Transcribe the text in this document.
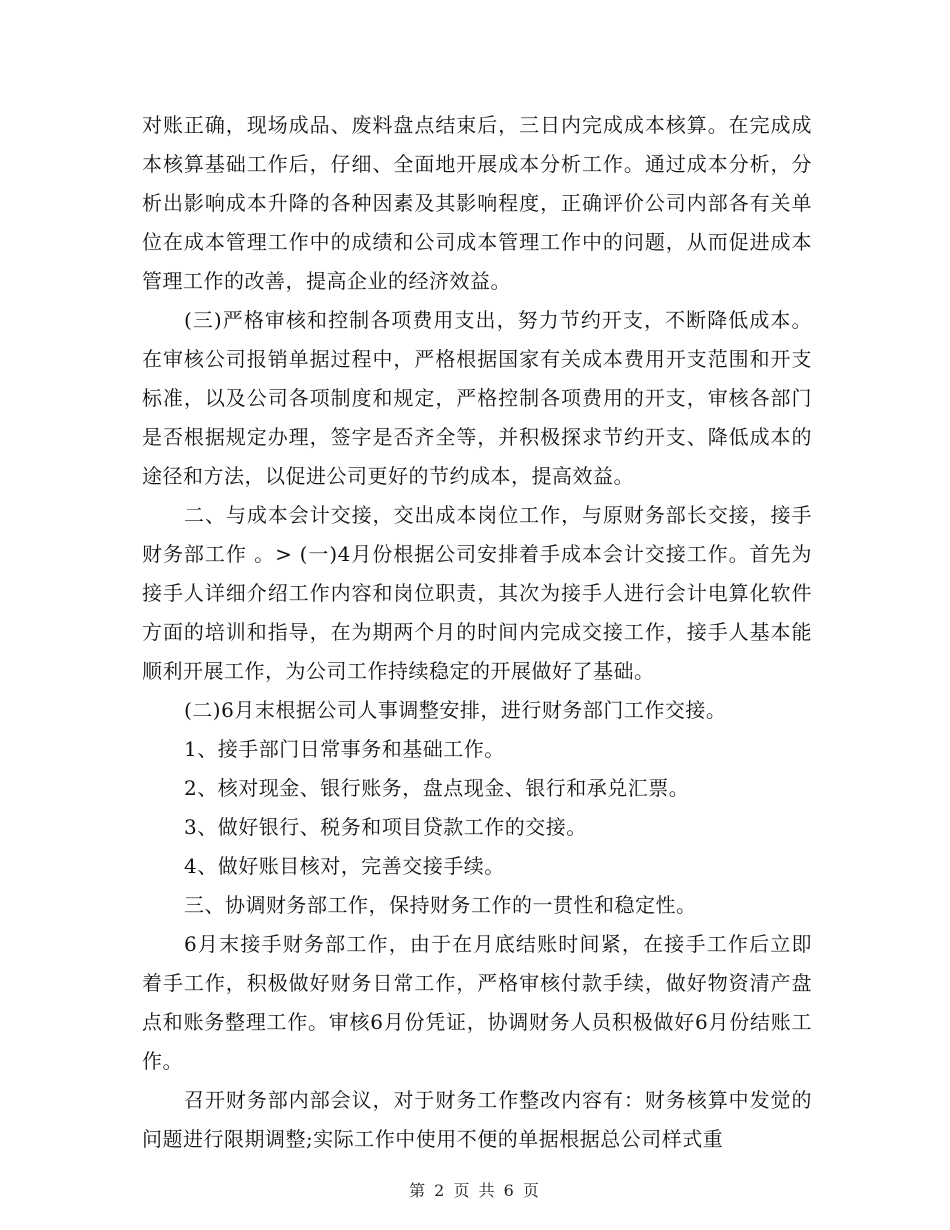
对账正确，现场成品、废料盘点结束后，三日内完成成本核算。在完成成本核算基础工作后，仔细、全面地开展成本分析工作。通过成本分析，分析出影响成本升降的各种因素及其影响程度，正确评价公司内部各有关单位在成本管理工作中的成绩和公司成本管理工作中的问题，从而促进成本管理工作的改善，提高企业的经济效益。

(三)严格审核和控制各项费用支出，努力节约开支，不断降低成本。在审核公司报销单据过程中，严格根据国家有关成本费用开支范围和开支标准，以及公司各项制度和规定，严格控制各项费用的开支，审核各部门是否根据规定办理，签字是否齐全等，并积极探求节约开支、降低成本的途径和方法，以促进公司更好的节约成本，提高效益。

二、与成本会计交接，交出成本岗位工作，与原财务部长交接，接手财务部工作 。> (一)4月份根据公司安排着手成本会计交接工作。首先为接手人详细介绍工作内容和岗位职责，其次为接手人进行会计电算化软件方面的培训和指导，在为期两个月的时间内完成交接工作，接手人基本能顺利开展工作，为公司工作持续稳定的开展做好了基础。

(二)6月末根据公司人事调整安排，进行财务部门工作交接。

1、接手部门日常事务和基础工作。

2、核对现金、银行账务，盘点现金、银行和承兑汇票。

3、做好银行、税务和项目贷款工作的交接。

4、做好账目核对，完善交接手续。

三、协调财务部工作，保持财务工作的一贯性和稳定性。

6月末接手财务部工作，由于在月底结账时间紧，在接手工作后立即着手工作，积极做好财务日常工作，严格审核付款手续，做好物资清产盘点和账务整理工作。审核6月份凭证，协调财务人员积极做好6月份结账工作。

召开财务部内部会议，对于财务工作整改内容有：财务核算中发觉的问题进行限期调整;实际工作中使用不便的单据根据总公司样式重

第 2 页 共 6 页
